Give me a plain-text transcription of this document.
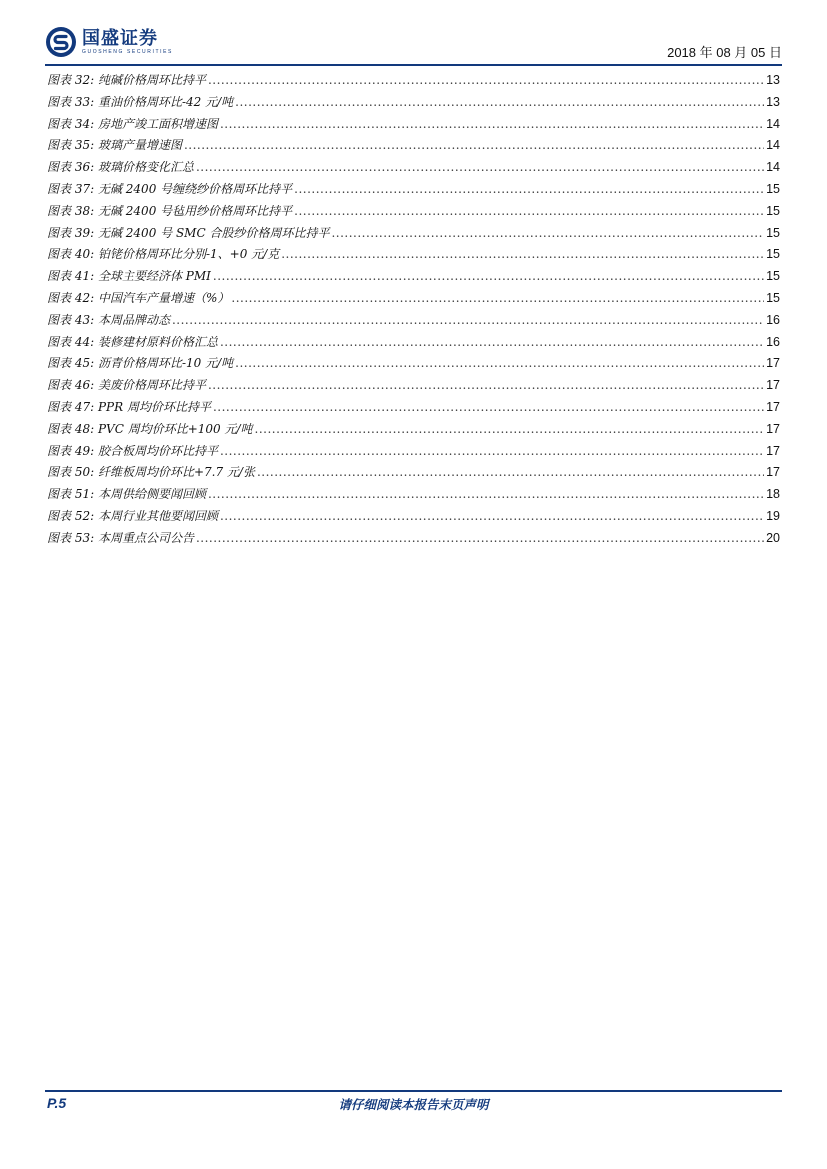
国盛证券
GUOSHENG SECURITIES	2018 年 08 月 05 日
图表 32: 纯碱价格周环比持平 .....	13
图表 33: 重油价格周环比-42 元/吨 .....	13
图表 34: 房地产竣工面积增速图 .....	14
图表 35: 玻璃产量增速图 .....	14
图表 36: 玻璃价格变化汇总 .....	14
图表 37: 无碱 2400 号缠绕纱价格周环比持平 .....	15
图表 38: 无碱 2400 号毡用纱价格周环比持平 .....	15
图表 39: 无碱 2400 号 SMC 合股纱价格周环比持平 .....	15
图表 40: 铂铑价格周环比分别-1、+0 元/克 .....	15
图表 41: 全球主要经济体 PMI .....	15
图表 42: 中国汽车产量增速（%） .....	15
图表 43: 本周品牌动态 .....	16
图表 44: 装修建材原料价格汇总 .....	16
图表 45: 沥青价格周环比-10 元/吨 .....	17
图表 46: 美废价格周环比持平 .....	17
图表 47: PPR 周均价环比持平 .....	17
图表 48: PVC 周均价环比+100 元/吨 .....	17
图表 49: 胶合板周均价环比持平 .....	17
图表 50: 纤维板周均价环比+7.7 元/张 .....	17
图表 51: 本周供给侧要闻回顾 .....	18
图表 52: 本周行业其他要闻回顾 .....	19
图表 53: 本周重点公司公告 .....	20
P.5	请仔细阅读本报告末页声明
